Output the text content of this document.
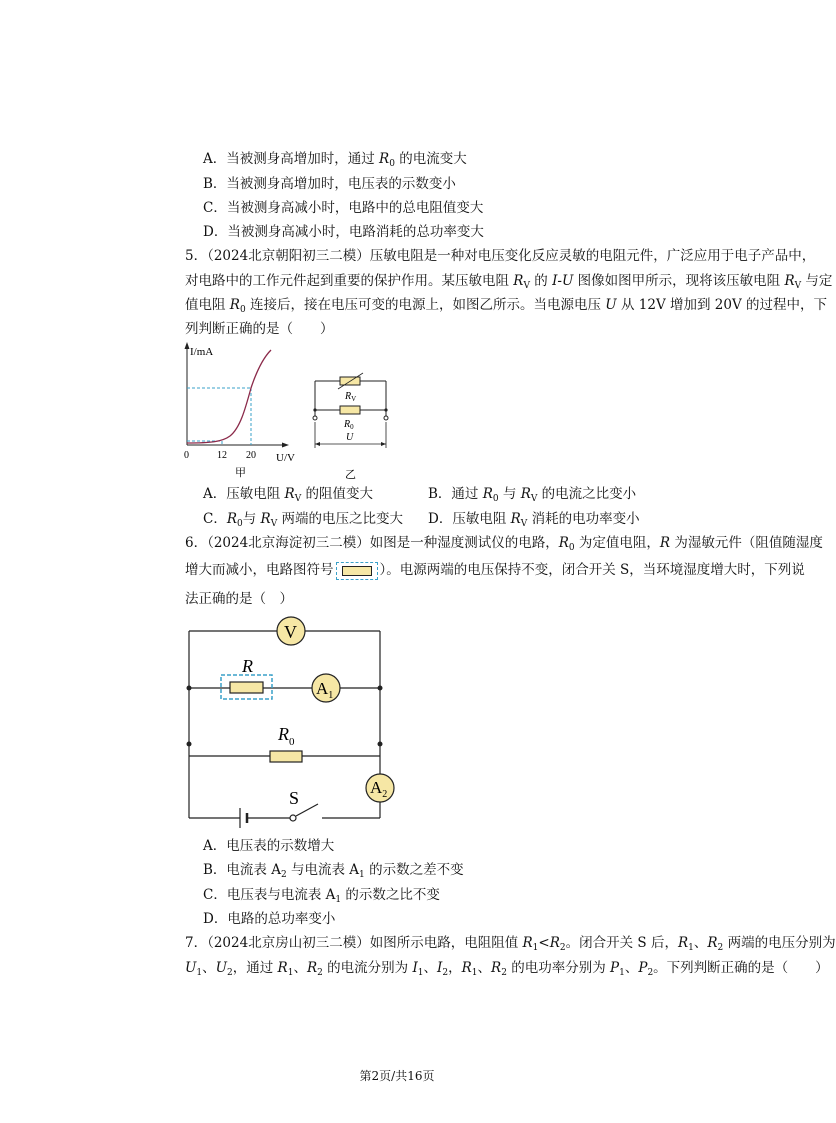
A．当被测身高增加时，通过 $R_0$ 的电流变大
B．当被测身高增加时，电压表的示数变小
C．当被测身高减小时，电路中的总电阻值变大
D．当被测身高减小时，电路消耗的总功率变大
5．（2024北京朝阳初三二模）压敏电阻是一种对电压变化反应灵敏的电阻元件，广泛应用于电子产品中，
对电路中的工作元件起到重要的保护作用。某压敏电阻 $R_V$ 的 I-U 图像如图甲所示，现将该压敏电阻 $R_V$ 与定
值电阻 $R_0$ 连接后，接在电压可变的电源上，如图乙所示。当电源电压 U 从 12V 增加到 20V 的过程中，下
列判断正确的是（　　）
I/mA
U/V
0	12 20
甲
$R_V$
$R_0$
U
乙
A．压敏电阻 $R_V$ 的阻值变大	B．通过 $R_0$ 与 $R_V$ 的电流之比变小
C．$R_0$与 $R_V$ 两端的电压之比变大 D．压敏电阻 $R_V$ 消耗的电功率变小
6．（2024北京海淀初三二模）如图是一种湿度测试仪的电路，$R_0$ 为定值电阻，R 为湿敏元件（阻值随湿度
增大而减小，电路图符号	）。电源两端的电压保持不变，闭合开关 S，当环境湿度增大时，下列说
法正确的是（　）
V
R
$A_1$
$R_0$
$A_2$
S
A．电压表的示数增大
B．电流表 $A_2$ 与电流表 $A_1$ 的示数之差不变
C．电压表与电流表 $A_1$ 的示数之比不变
D．电路的总功率变小
7．（2024北京房山初三二模）如图所示电路，电阻阻值 $R_1<R_2$。闭合开关 S 后，$R_1$、$R_2$ 两端的电压分别为
$U_1$、$U_2$，通过 $R_1$、$R_2$ 的电流分别为 $I_1$、$I_2$，$R_1$、$R_2$ 的电功率分别为 $P_1$、$P_2$。下列判断正确的是（　　）
第2页/共16页
